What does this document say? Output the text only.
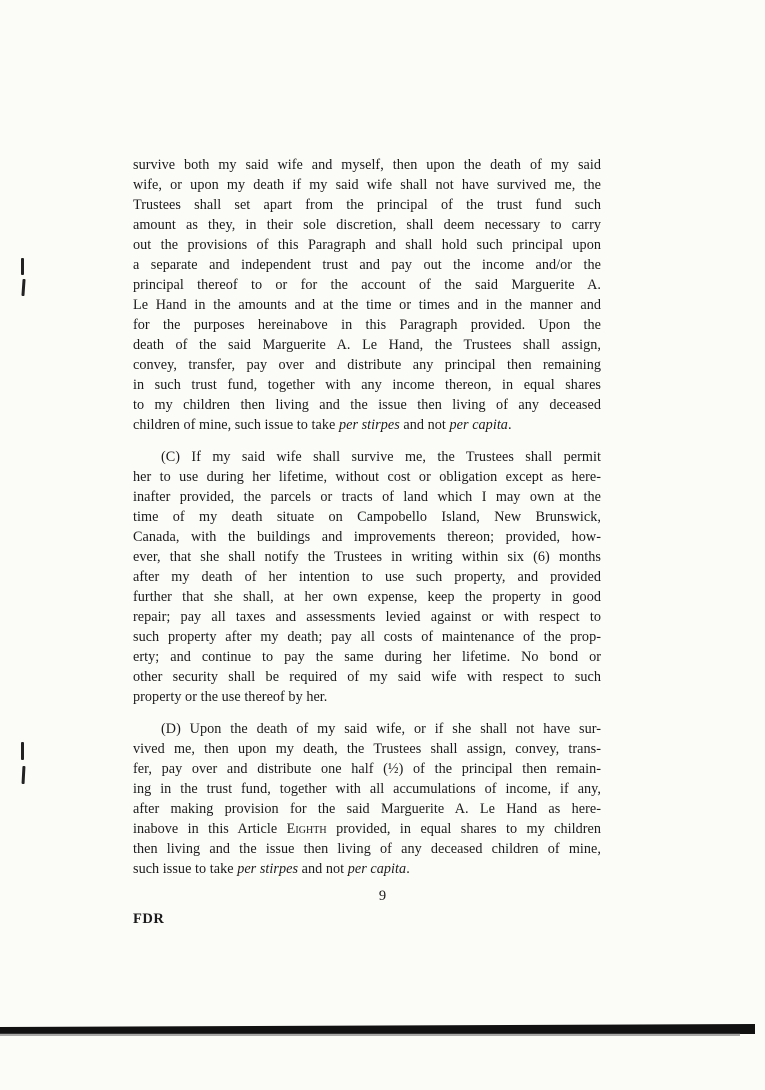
survive both my said wife and myself, then upon the death of my said
wife, or upon my death if my said wife shall not have survived me, the
Trustees shall set apart from the principal of the trust fund such
amount as they, in their sole discretion, shall deem necessary to carry
out the provisions of this Paragraph and shall hold such principal upon
a separate and independent trust and pay out the income and/or the
principal thereof to or for the account of the said Marguerite A.
Le Hand in the amounts and at the time or times and in the manner and
for the purposes hereinabove in this Paragraph provided. Upon the
death of the said Marguerite A. Le Hand, the Trustees shall assign,
convey, transfer, pay over and distribute any principal then remaining
in such trust fund, together with any income thereon, in equal shares
to my children then living and the issue then living of any deceased
children of mine, such issue to take per stirpes and not per capita.
(C) If my said wife shall survive me, the Trustees shall permit
her to use during her lifetime, without cost or obligation except as here-
inafter provided, the parcels or tracts of land which I may own at the
time of my death situate on Campobello Island, New Brunswick,
Canada, with the buildings and improvements thereon; provided, how-
ever, that she shall notify the Trustees in writing within six (6) months
after my death of her intention to use such property, and provided
further that she shall, at her own expense, keep the property in good
repair; pay all taxes and assessments levied against or with respect to
such property after my death; pay all costs of maintenance of the prop-
erty; and continue to pay the same during her lifetime. No bond or
other security shall be required of my said wife with respect to such
property or the use thereof by her.
(D) Upon the death of my said wife, or if she shall not have sur-
vived me, then upon my death, the Trustees shall assign, convey, trans-
fer, pay over and distribute one half (½) of the principal then remain-
ing in the trust fund, together with all accumulations of income, if any,
after making provision for the said Marguerite A. Le Hand as here-
inabove in this Article Eighth provided, in equal shares to my children
then living and the issue then living of any deceased children of mine,
such issue to take per stirpes and not per capita.
9
FDR
